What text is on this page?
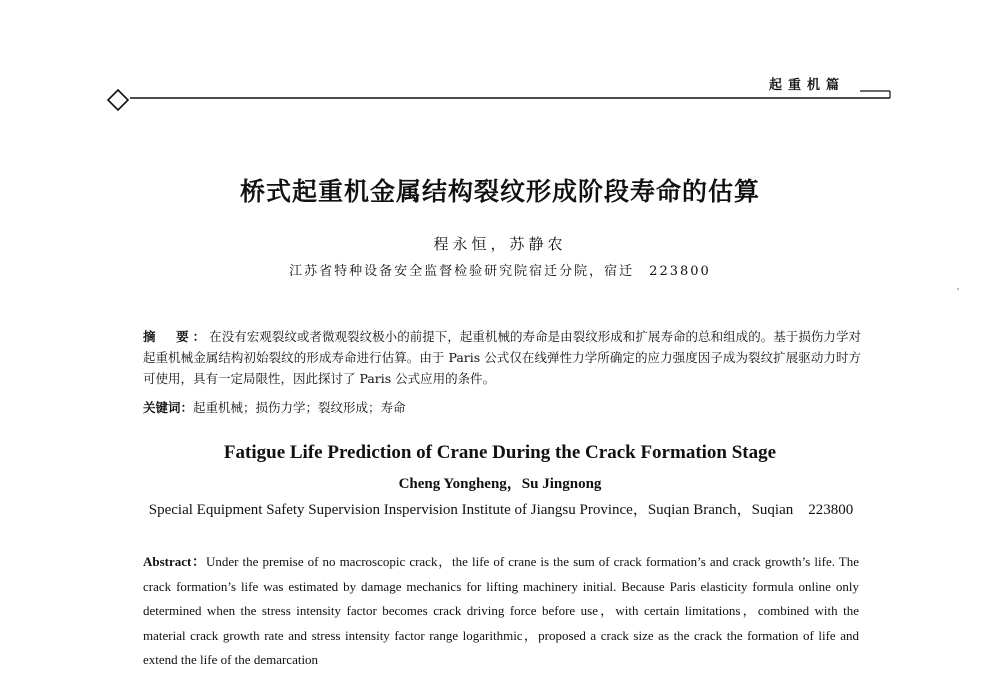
起重机篇
桥式起重机金属结构裂纹形成阶段寿命的估算
程永恒，苏静农
江苏省特种设备安全监督检验研究院宿迁分院，宿迁　223800
摘　要：在没有宏观裂纹或者微观裂纹极小的前提下，起重机械的寿命是由裂纹形成和扩展寿命的总和组成的。基于损伤力学对起重机械金属结构初始裂纹的形成寿命进行估算。由于 Paris 公式仅在线弹性力学所确定的应力强度因子成为裂纹扩展驱动力时方可使用，具有一定局限性，因此探讨了 Paris 公式应用的条件。
关键词：起重机械；损伤力学；裂纹形成；寿命
Fatigue Life Prediction of Crane During the Crack Formation Stage
Cheng Yongheng，Su Jingnong
Special Equipment Safety Supervision Inspervision Institute of Jiangsu Province，Suqian Branch，Suqian　223800
Abstract：Under the premise of no macroscopic crack，the life of crane is the sum of crack formation’s and crack growth’s life. The crack formation’s life was estimated by damage mechanics for lifting machinery initial. Because Paris elasticity formula online only determined when the stress intensity factor becomes crack driving force before use，with certain limitations，combined with the material crack growth rate and stress intensity factor range logarithmic，proposed a crack size as the crack the formation of life and extend the life of the demarcation
